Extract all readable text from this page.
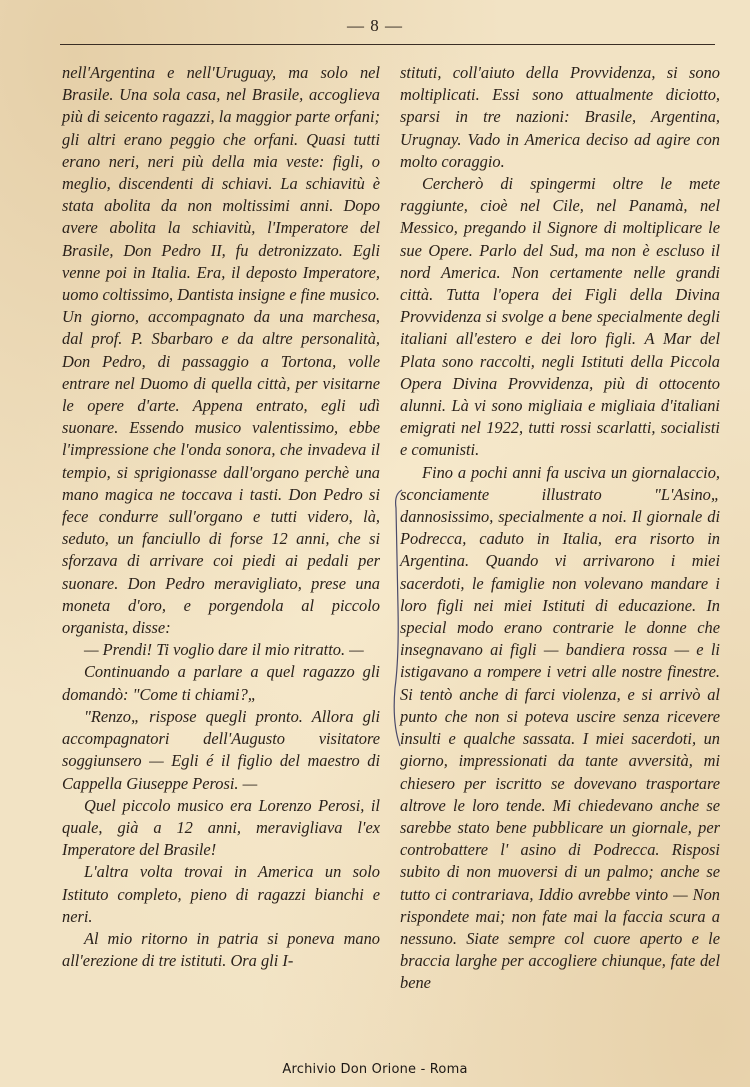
— 8 —

nell'Argentina e nell'Uruguay, ma solo nel Brasile. Una sola casa, nel Brasile, accoglieva più di seicento ragazzi, la maggior parte orfani; gli altri erano peggio che orfani. Quasi tutti erano neri, neri più della mia veste: figli, o meglio, discendenti di schiavi. La schiavitù è stata abolita da non moltissimi anni. Dopo avere abolita la schiavitù, l'Imperatore del Brasile, Don Pedro II, fu detronizzato. Egli venne poi in Italia. Era, il deposto Imperatore, uomo coltissimo, Dantista insigne e fine musico. Un giorno, accompagnato da una marchesa, dal prof. P. Sbarbaro e da altre personalità, Don Pedro, di passaggio a Tortona, volle entrare nel Duomo di quella città, per visitarne le opere d'arte. Appena entrato, egli udì suonare. Essendo musico valentissimo, ebbe l'impressione che l'onda sonora, che invadeva il tempio, si sprigionasse dall'organo perchè una mano magica ne toccava i tasti. Don Pedro si fece condurre sull'organo e tutti videro, là, seduto, un fanciullo di forse 12 anni, che si sforzava di arrivare coi piedi ai pedali per suonare. Don Pedro meravigliato, prese una moneta d'oro, e porgendola al piccolo organista, disse:

— Prendi! Ti voglio dare il mio ritratto. —

Continuando a parlare a quel ragazzo gli domandò: "Come ti chiami?„

"Renzo„ rispose quegli pronto. Allora gli accompagnatori dell'Augusto visitatore soggiunsero — Egli é il figlio del maestro di Cappella Giuseppe Perosi. —

Quel piccolo musico era Lorenzo Perosi, il quale, già a 12 anni, meravigliava l'ex Imperatore del Brasile!

L'altra volta trovai in America un solo Istituto completo, pieno di ragazzi bianchi e neri.

Al mio ritorno in patria si poneva mano all'erezione di tre istituti. Ora gli I-

stituti, coll'aiuto della Provvidenza, si sono moltiplicati. Essi sono attualmente diciotto, sparsi in tre nazioni: Brasile, Argentina, Urugnay. Vado in America deciso ad agire con molto coraggio.

Cercherò di spingermi oltre le mete raggiunte, cioè nel Cile, nel Panamà, nel Messico, pregando il Signore di moltiplicare le sue Opere. Parlo del Sud, ma non è escluso il nord America. Non certamente nelle grandi città. Tutta l'opera dei Figli della Divina Provvidenza si svolge a bene specialmente degli italiani all'estero e dei loro figli. A Mar del Plata sono raccolti, negli Istituti della Piccola Opera Divina Provvidenza, più di ottocento alunni. Là vi sono migliaia e migliaia d'italiani emigrati nel 1922, tutti rossi scarlatti, socialisti e comunisti.

Fino a pochi anni fa usciva un giornalaccio, sconciamente illustrato "L'Asino„ dannosissimo, specialmente a noi. Il giornale di Podrecca, caduto in Italia, era risorto in Argentina. Quando vi arrivarono i miei sacerdoti, le famiglie non volevano mandare i loro figli nei miei Istituti di educazione. In special modo erano contrarie le donne che insegnavano ai figli — bandiera rossa — e li istigavano a rompere i vetri alle nostre finestre. Si tentò anche di farci violenza, e si arrivò al punto che non si poteva uscire senza ricevere insulti e qualche sassata. I miei sacerdoti, un giorno, impressionati da tante avversità, mi chiesero per iscritto se dovevano trasportare altrove le loro tende. Mi chiedevano anche se sarebbe stato bene pubblicare un giornale, per controbattere l' asino di Podrecca. Risposi subito di non muoversi di un palmo; anche se tutto ci contrariava, Iddio avrebbe vinto — Non rispondete mai; non fate mai la faccia scura a nessuno. Siate sempre col cuore aperto e le braccia larghe per accogliere chiunque, fate del bene

Archivio Don Orione - Roma
